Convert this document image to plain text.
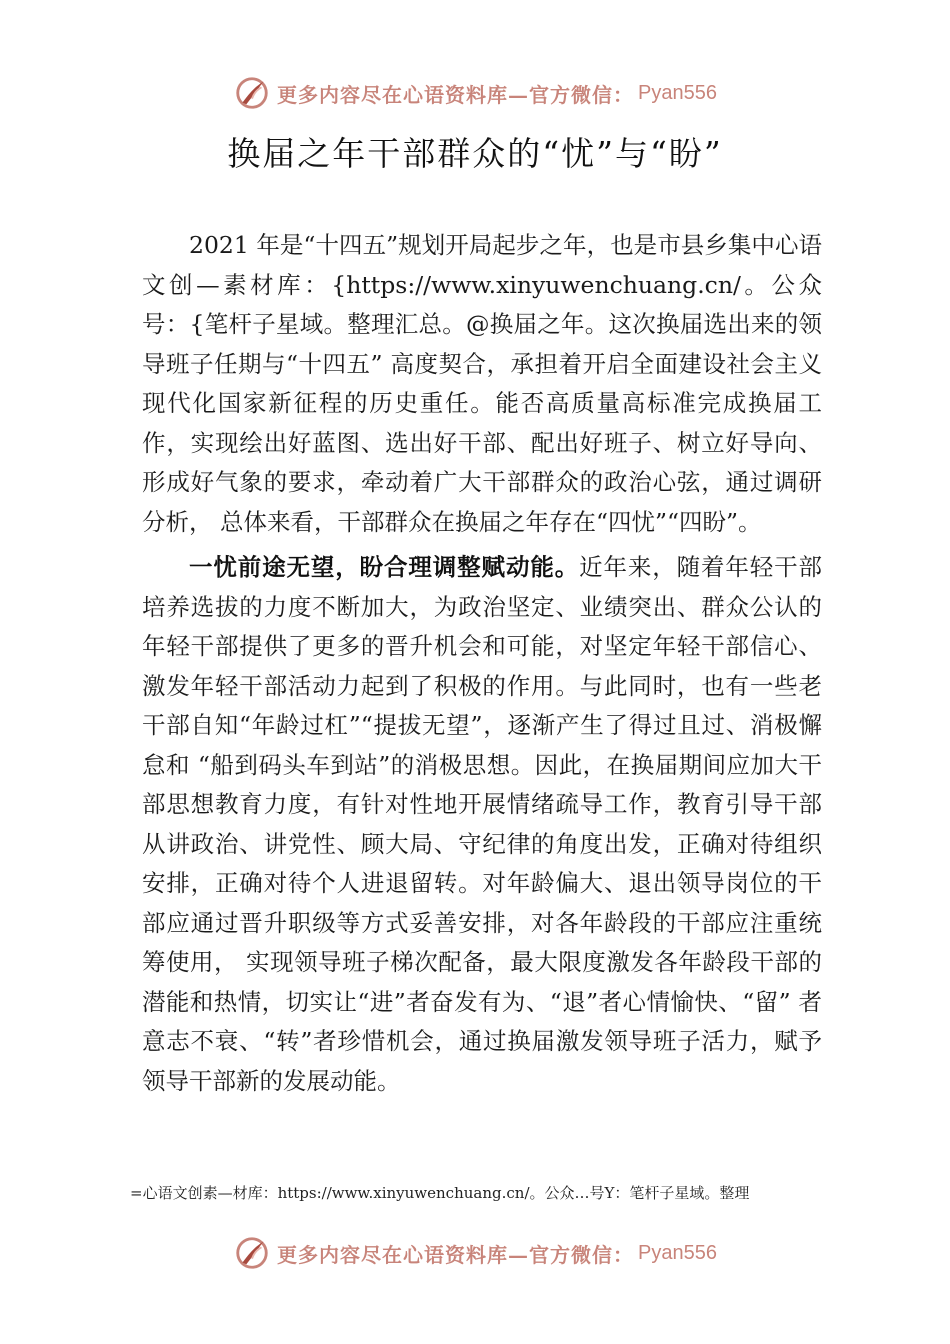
更多内容尽在心语资料库—官方微信： Pyan556
换届之年干部群众的“忧”与“盼”

2021 年是“十四五”规划开局起步之年，也是市县乡集中心语文创—素材库：{https://www.xinyuwenchuang.cn/。公众号：{笔杆子星域。整理汇总。@换届之年。这次换届选出来的领导班子任期与“十四五” 高度契合，承担着开启全面建设社会主义现代化国家新征程的历史重任。能否高质量高标准完成换届工作，实现绘出好蓝图、选出好干部、配出好班子、树立好导向、形成好气象的要求，牵动着广大干部群众的政治心弦，通过调研分析， 总体来看，干部群众在换届之年存在“四忧”“四盼”。

一忧前途无望，盼合理调整赋动能。近年来，随着年轻干部培养选拔的力度不断加大，为政治坚定、业绩突出、群众公认的年轻干部提供了更多的晋升机会和可能，对坚定年轻干部信心、激发年轻干部活动力起到了积极的作用。与此同时，也有一些老干部自知“年龄过杠”“提拔无望”，逐渐产生了得过且过、消极懈怠和 “船到码头车到站”的消极思想。因此，在换届期间应加大干部思想教育力度，有针对性地开展情绪疏导工作，教育引导干部从讲政治、讲党性、顾大局、守纪律的角度出发，正确对待组织安排，正确对待个人进退留转。对年龄偏大、退出领导岗位的干部应通过晋升职级等方式妥善安排，对各年龄段的干部应注重统筹使用， 实现领导班子梯次配备，最大限度激发各年龄段干部的潜能和热情，切实让“进”者奋发有为、“退”者心情愉快、“留” 者意志不衰、“转”者珍惜机会，通过换届激发领导班子活力，赋予领导干部新的发展动能。

=心语文创素—材库：https://www.xinyuwenchuang.cn/。公众…号Y：笔杆子星域。整理
更多内容尽在心语资料库—官方微信： Pyan556
